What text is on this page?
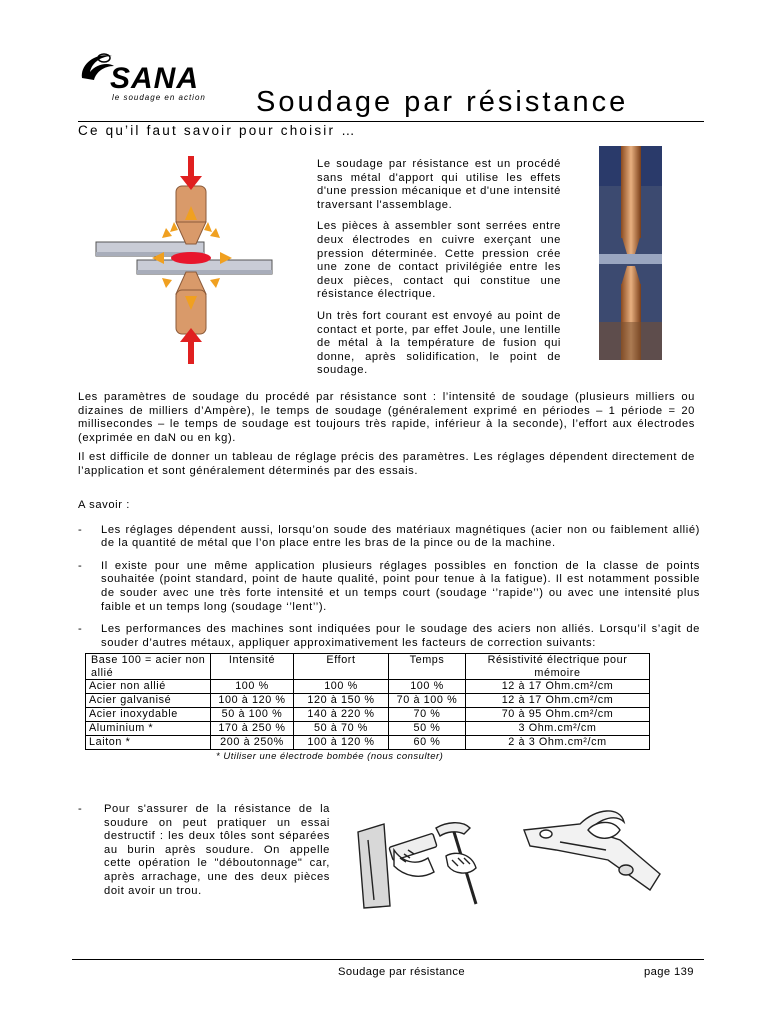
SANA
le soudage en action Soudage par résistance
Ce qu’il faut savoir pour choisir …

Le soudage par résistance est un procédé sans métal d'apport qui utilise les effets d'une pression mécanique et d'une intensité traversant l'assemblage.

Les pièces à assembler sont serrées entre deux électrodes en cuivre exerçant une pression déterminée. Cette pression crée une zone de contact privilégiée entre les deux pièces, contact qui constitue une résistance électrique.

Un très fort courant est envoyé au point de contact et porte, par effet Joule, une lentille de métal à la température de fusion qui donne, après solidification, le point de soudage.

Les paramètres de soudage du procédé par résistance sont : l’intensité de soudage (plusieurs milliers ou dizaines de milliers d’Ampère), le temps de soudage (généralement exprimé en périodes – 1 période = 20 millisecondes – le temps de soudage est toujours très rapide, inférieur à la seconde), l’effort aux électrodes (exprimée en daN ou en kg).

Il est difficile de donner un tableau de réglage précis des paramètres. Les réglages dépendent directement de l’application et sont généralement déterminés par des essais.

A savoir :
- Les réglages dépendent aussi, lorsqu’on soude des matériaux magnétiques (acier non ou faiblement allié) de la quantité de métal que l’on place entre les bras de la pince ou de la machine.
- Il existe pour une même application plusieurs réglages possibles en fonction de la classe de points souhaitée (point standard, point de haute qualité, point pour tenue à la fatigue). Il est notamment possible de souder avec une très forte intensité et un temps court (soudage ‘’rapide’’) ou avec une intensité plus faible et un temps long (soudage ‘’lent’’).
- Les performances des machines sont indiquées pour le soudage des aciers non alliés. Lorsqu’il s’agit de souder d’autres métaux, appliquer approximativement les facteurs de correction suivants:
Base 100 = acier non allié	Intensité	Effort	Temps	Résistivité électrique pour mémoire
Acier non allié	100 %	100 %	100 %	12 à 17 Ohm.cm²/cm
Acier galvanisé	100 à 120 %	120 à 150 %	70 à 100 %	12 à 17 Ohm.cm²/cm
Acier inoxydable	50 à 100 %	140 à 220 %	70 %	70 à 95 Ohm.cm²/cm
Aluminium *	170 à 250 %	50 à 70 %	50 %	3 Ohm.cm²/cm
Laiton *	200 à 250%	100 à 120 %	60 %	2 à 3 Ohm.cm²/cm
* Utiliser une électrode bombée (nous consulter)
- Pour s'assurer de la résistance de la soudure on peut pratiquer un essai destructif : les deux tôles sont séparées au burin après soudure. On appelle cette opération le "déboutonnage" car, après arrachage, une des deux pièces doit avoir un trou.
Soudage par résistance	page 139
